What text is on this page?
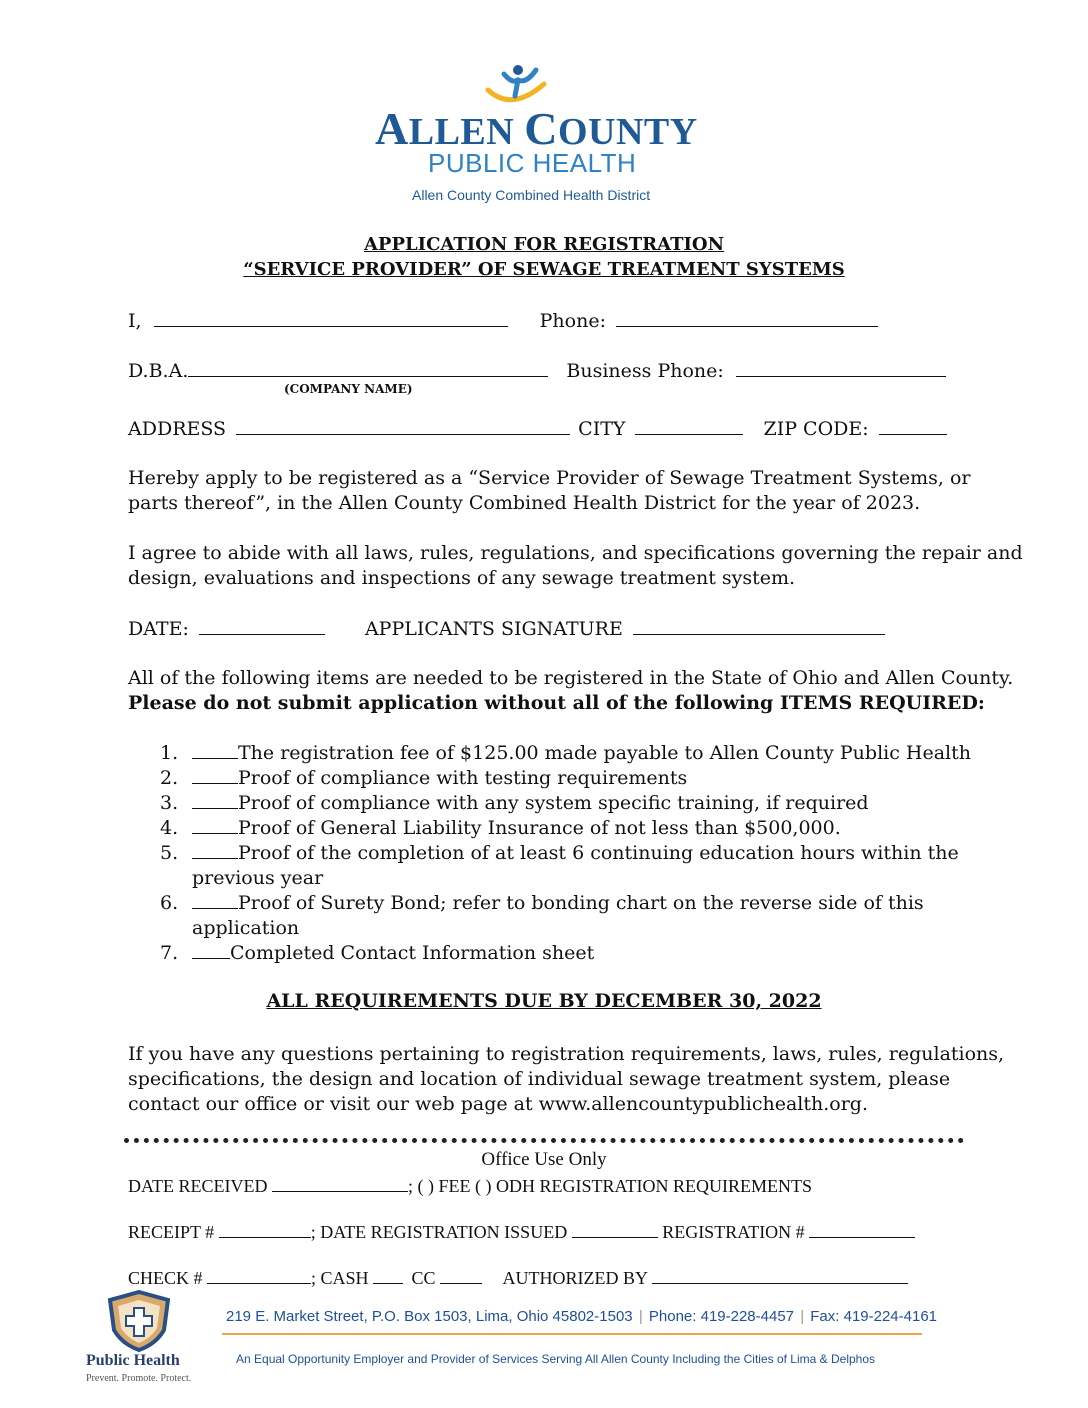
ALLEN COUNTY
PUBLIC HEALTH
Allen County Combined Health District
APPLICATION FOR REGISTRATION
“SERVICE PROVIDER” OF SEWAGE TREATMENT SYSTEMS
I,	Phone:
D.B.A.	Business Phone:
(COMPANY NAME)
ADDRESS	CITY	ZIP CODE:
Hereby apply to be registered as a “Service Provider of Sewage Treatment Systems, or
parts thereof”, in the Allen County Combined Health District for the year of 2023.
I agree to abide with all laws, rules, regulations, and specifications governing the repair and
design, evaluations and inspections of any sewage treatment system.
DATE:	APPLICANTS SIGNATURE
All of the following items are needed to be registered in the State of Ohio and Allen County.
Please do not submit application without all of the following ITEMS REQUIRED:
1.	The registration fee of $125.00 made payable to Allen County Public Health
2.	Proof of compliance with testing requirements
3.	Proof of compliance with any system specific training, if required
4.	Proof of General Liability Insurance of not less than $500,000.
5.	Proof of the completion of at least 6 continuing education hours within the
previous year
6.	Proof of Surety Bond; refer to bonding chart on the reverse side of this
application
7.	Completed Contact Information sheet
ALL REQUIREMENTS DUE BY DECEMBER 30, 2022
If you have any questions pertaining to registration requirements, laws, rules, regulations,
specifications, the design and location of individual sewage treatment system, please
contact our office or visit our web page at www.allencountypublichealth.org.
Office Use Only
DATE RECEIVED	; ( ) FEE ( ) ODH REGISTRATION REQUIREMENTS
RECEIPT #	; DATE REGISTRATION ISSUED	REGISTRATION #
CHECK #	; CASH CC	AUTHORIZED BY
Public Health
Prevent. Promote. Protect.
219 E. Market Street, P.O. Box 1503, Lima, Ohio 45802-1503 | Phone: 419-228-4457 | Fax: 419-224-4161
An Equal Opportunity Employer and Provider of Services Serving All Allen County Including the Cities of Lima & Delphos
